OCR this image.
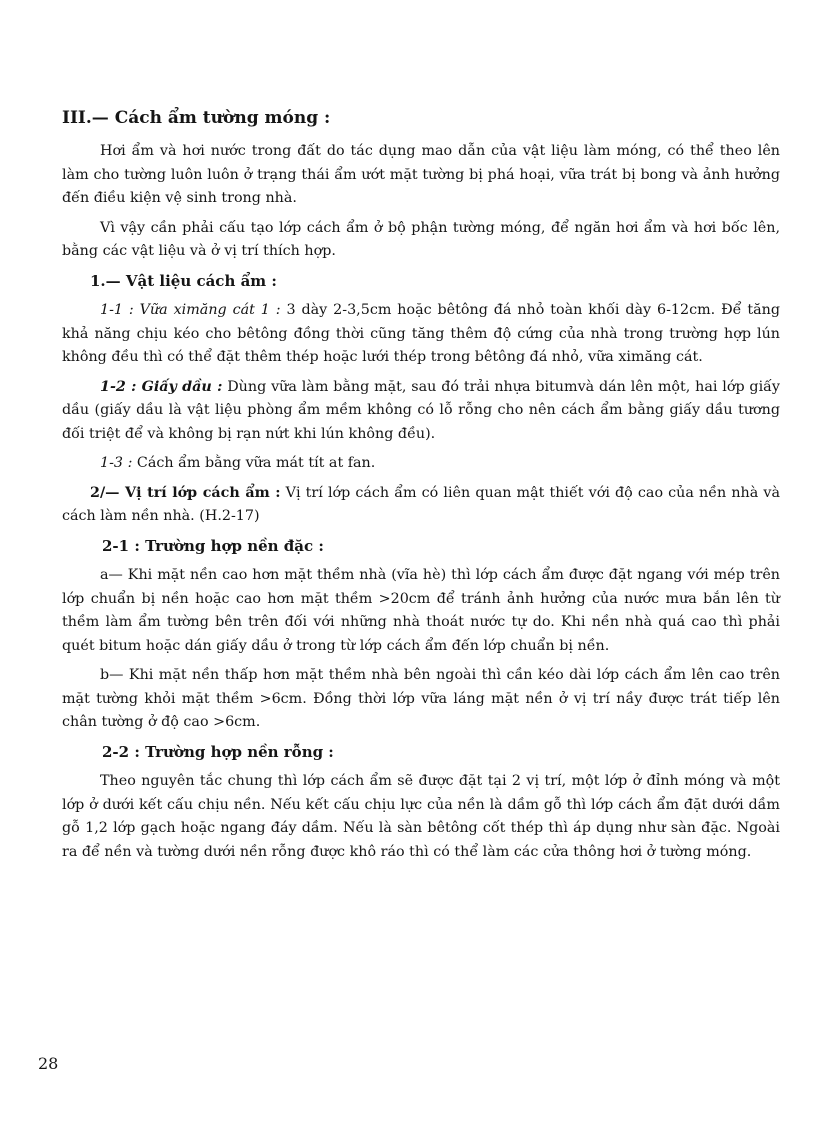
III.— Cách ẩm tường móng :

Hơi ẩm và hơi nước trong đất do tác dụng mao dẫn của vật liệu làm móng, có thể theo lên làm cho tường luôn luôn ở trạng thái ẩm ướt mặt tường bị phá hoại, vữa trát bị bong và ảnh hưởng đến điều kiện vệ sinh trong nhà.

Vì vậy cần phải cấu tạo lớp cách ẩm ở bộ phận tường móng, để ngăn hơi ẩm và hơi bốc lên, bằng các vật liệu và ở vị trí thích hợp.

1.— Vật liệu cách ẩm :

1-1 : Vữa ximăng cát 1 : 3 dày 2-3,5cm hoặc bêtông đá nhỏ toàn khối dày 6-12cm. Để tăng khả năng chịu kéo cho bêtông đồng thời cũng tăng thêm độ cứng của nhà trong trường hợp lún không đều thì có thể đặt thêm thép hoặc lưới thép trong bêtông đá nhỏ, vữa ximăng cát.

1-2 : Giấy dầu : Dùng vữa làm bằng mặt, sau đó trải nhựa bitumvà dán lên một, hai lớp giấy dầu (giấy dầu là vật liệu phòng ẩm mềm không có lỗ rỗng cho nên cách ẩm bằng giấy dầu tương đối triệt để và không bị rạn nứt khi lún không đều).

1-3 : Cách ẩm bằng vữa mát tít at fan.

2/— Vị trí lớp cách ẩm : Vị trí lớp cách ẩm có liên quan mật thiết với độ cao của nền nhà và cách làm nền nhà. (H.2-17)

2-1 : Trường hợp nền đặc :

a— Khi mặt nền cao hơn mặt thềm nhà (vĩa hè) thì lớp cách ẩm được đặt ngang với mép trên lớp chuẩn bị nền hoặc cao hơn mặt thềm >20cm để tránh ảnh hưởng của nước mưa bắn lên từ thềm làm ẩm tường bên trên đối với những nhà thoát nước tự do. Khi nền nhà quá cao thì phải quét bitum hoặc dán giấy dầu ở trong từ lớp cách ẩm đến lớp chuẩn bị nền.

b— Khi mặt nền thấp hơn mặt thềm nhà bên ngoài thì cần kéo dài lớp cách ẩm lên cao trên mặt tường khỏi mặt thềm >6cm. Đồng thời lớp vữa láng mặt nền ở vị trí nầy được trát tiếp lên chân tường ở độ cao >6cm.

2-2 : Trường hợp nền rỗng :

Theo nguyên tắc chung thì lớp cách ẩm sẽ được đặt tại 2 vị trí, một lớp ở đỉnh móng và một lớp ở dưới kết cấu chịu nền. Nếu kết cấu chịu lực của nền là dầm gỗ thì lớp cách ẩm đặt dưới dầm gỗ 1,2 lớp gạch hoặc ngang đáy dầm. Nếu là sàn bêtông cốt thép thì áp dụng như sàn đặc. Ngoài ra để nền và tường dưới nền rỗng được khô ráo thì có thể làm các cửa thông hơi ở tường móng.

28
